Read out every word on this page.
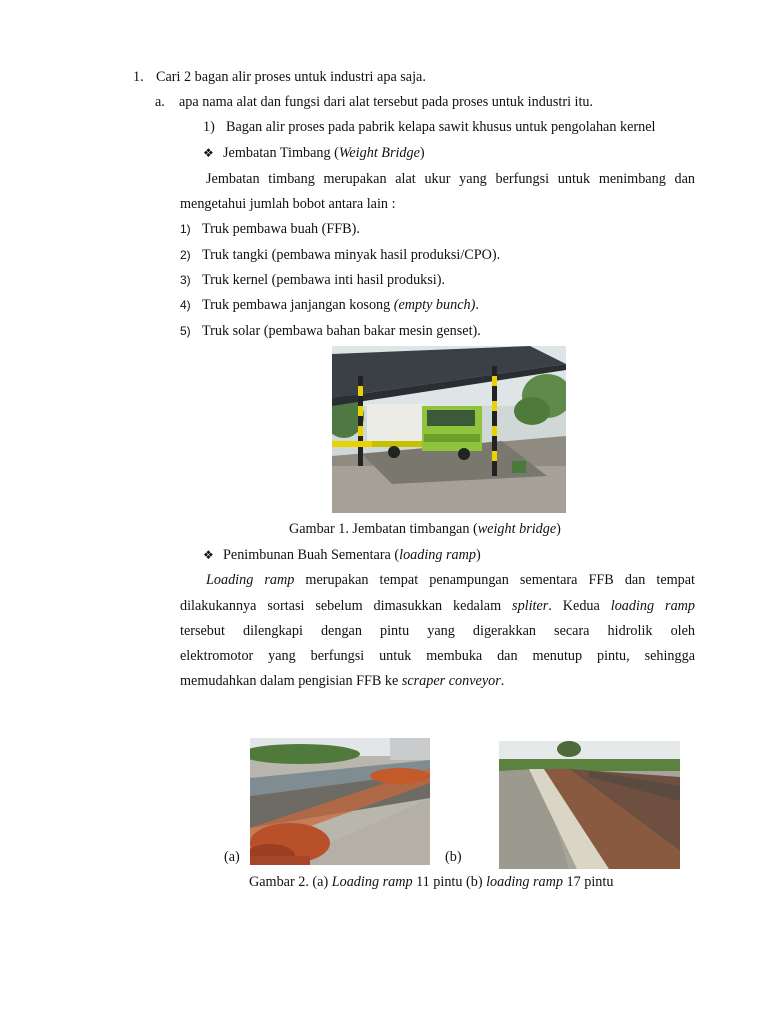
1. Cari 2 bagan alir proses untuk industri apa saja.
a. apa nama alat dan fungsi dari alat tersebut pada proses untuk industri itu.
1) Bagan alir proses pada pabrik kelapa sawit khusus untuk pengolahan kernel
❖ Jembatan Timbang (Weight Bridge)
Jembatan timbang merupakan alat ukur yang berfungsi untuk menimbang dan
mengetahui jumlah bobot antara lain :
1) Truk pembawa buah (FFB).
2) Truk tangki (pembawa minyak hasil produksi/CPO).
3) Truk kernel (pembawa inti hasil produksi).
4) Truk pembawa janjangan kosong (empty bunch).
5) Truk solar (pembawa bahan bakar mesin genset).
Gambar 1. Jembatan timbangan (weight bridge)
❖ Penimbunan Buah Sementara (loading ramp)
Loading ramp merupakan tempat penampungan sementara FFB dan tempat
dilakukannya sortasi sebelum dimasukkan kedalam spliter. Kedua loading ramp
tersebut dilengkapi dengan pintu yang digerakkan secara hidrolik oleh
elektromotor yang berfungsi untuk membuka dan menutup pintu, sehingga
memudahkan dalam pengisian FFB ke scraper conveyor.
(a)	(b)
Gambar 2. (a) Loading ramp 11 pintu (b) loading ramp 17 pintu
